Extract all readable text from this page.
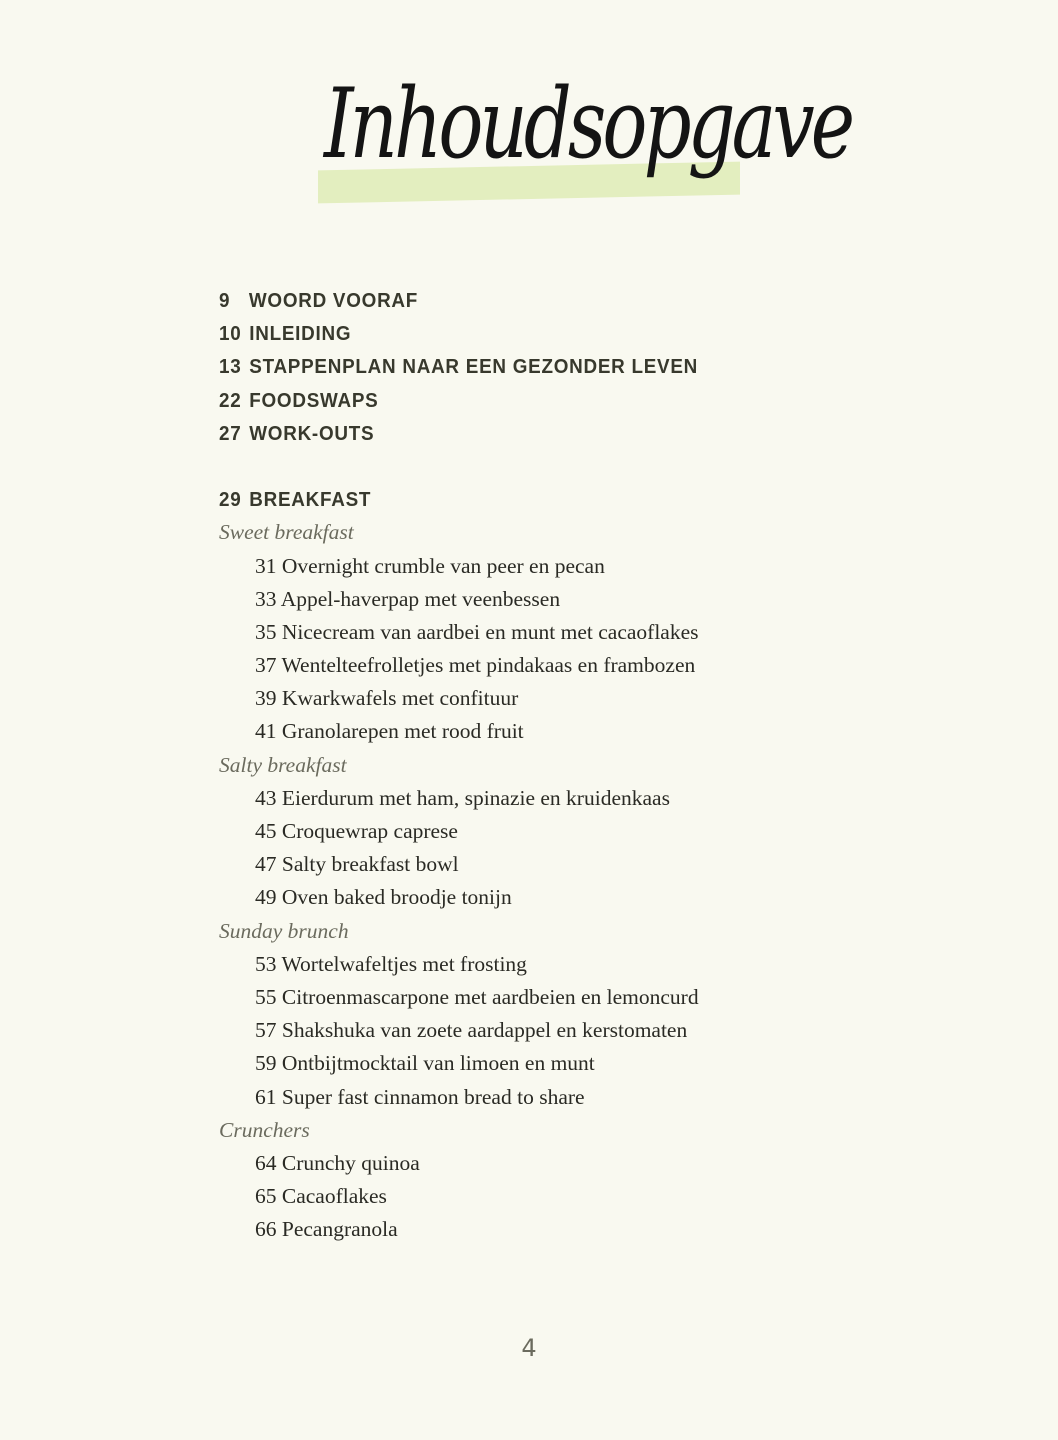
Inhoudsopgave
9 WOORD VOORAF
10 INLEIDING
13 STAPPENPLAN NAAR EEN GEZONDER LEVEN
22 FOODSWAPS
27 WORK-OUTS
29 BREAKFAST
Sweet breakfast
31 Overnight crumble van peer en pecan
33 Appel-haverpap met veenbessen
35 Nicecream van aardbei en munt met cacaoflakes
37 Wentelteefrolletjes met pindakaas en frambozen
39 Kwarkwafels met confituur
41 Granolarepen met rood fruit
Salty breakfast
43 Eierdurum met ham, spinazie en kruidenkaas
45 Croquewrap caprese
47 Salty breakfast bowl
49 Oven baked broodje tonijn
Sunday brunch
53 Wortelwafeltjes met frosting
55 Citroenmascarpone met aardbeien en lemoncurd
57 Shakshuka van zoete aardappel en kerstomaten
59 Ontbijtmocktail van limoen en munt
61 Super fast cinnamon bread to share
Crunchers
64 Crunchy quinoa
65 Cacaoflakes
66 Pecangranola
4
